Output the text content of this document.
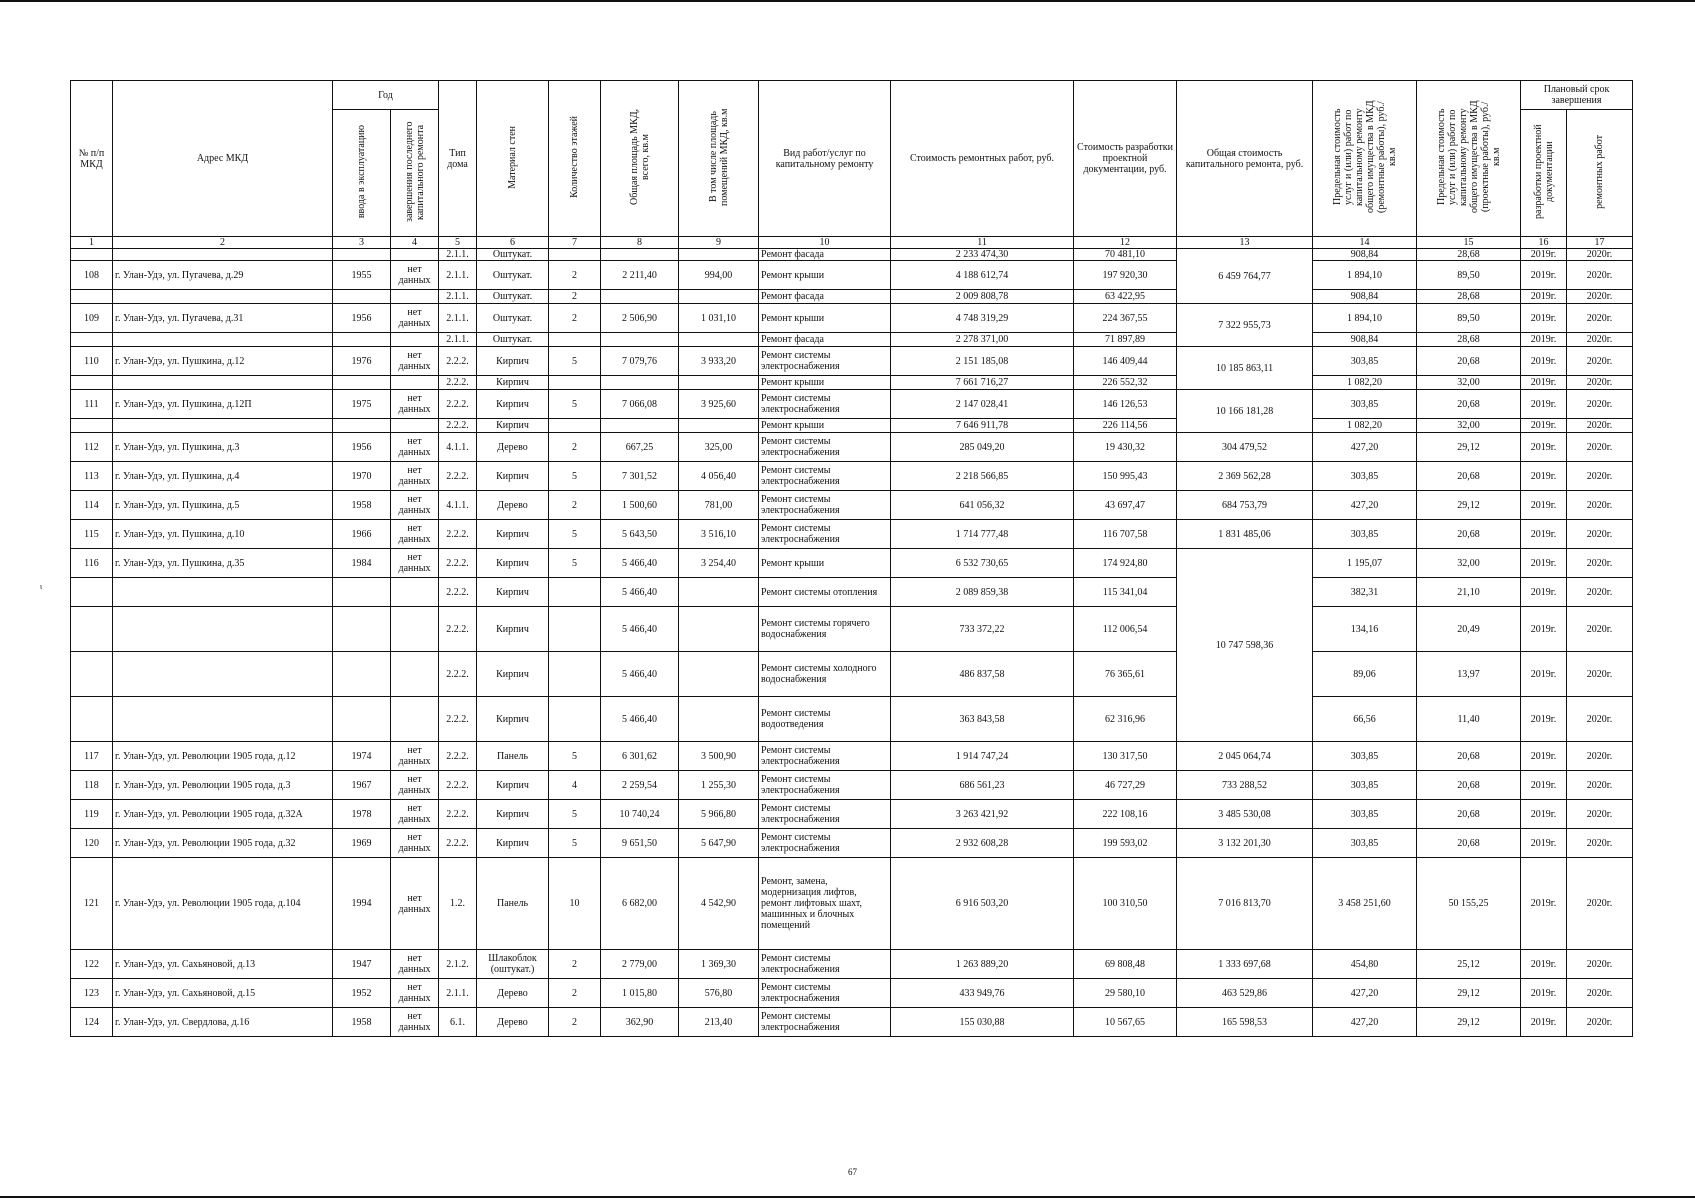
ι
№ п/п МКД	Адрес МКД	Год		Тип дома	Материал стен	Количество этажей	Общая площадь МКД, всего, кв.м	В том числе площадь помещений МКД, кв.м	Вид работ/услуг по капитальному ремонту	Стоимость ремонтных работ, руб.	Стоимость разработки проектной документации, руб.	Общая стоимость капитального ремонта, руб.	Предельная стоимость услуг и (или) работ по капитальному ремонту общего имущества в МКД (ремонтные работы), руб./кв.м	Предельная стоимость услуг и (или) работ по капитальному ремонту общего имущества в МКД (проектные работы), руб./кв.м	Плановый срок завершения	
		ввода в эксплуатацию	завершения последнего капитального ремонта												разработки проектной документации	ремонтных работ
1	2	3	4	5	6	7	8	9	10	11	12	13	14	15	16	17
				2.1.1.	Оштукат.				Ремонт фасада	2 233 474,30	70 481,10	6 459 764,77	908,84	28,68	2019г.	2020г.
108	г. Улан-Удэ, ул. Пугачева, д.29	1955	нет данных	2.1.1.	Оштукат.	2	2 211,40	994,00	Ремонт крыши	4 188 612,74	197 920,30		1 894,10	89,50	2019г.	2020г.
				2.1.1.	Оштукат.	2			Ремонт фасада	2 009 808,78	63 422,95		908,84	28,68	2019г.	2020г.
109	г. Улан-Удэ, ул. Пугачева, д.31	1956	нет данных	2.1.1.	Оштукат.	2	2 506,90	1 031,10	Ремонт крыши	4 748 319,29	224 367,55	7 322 955,73	1 894,10	89,50	2019г.	2020г.
				2.1.1.	Оштукат.				Ремонт фасада	2 278 371,00	71 897,89		908,84	28,68	2019г.	2020г.
110	г. Улан-Удэ, ул. Пушкина, д.12	1976	нет данных	2.2.2.	Кирпич	5	7 079,76	3 933,20	Ремонт системы электроснабжения	2 151 185,08	146 409,44	10 185 863,11	303,85	20,68	2019г.	2020г.
				2.2.2.	Кирпич				Ремонт крыши	7 661 716,27	226 552,32		1 082,20	32,00	2019г.	2020г.
111	г. Улан-Удэ, ул. Пушкина, д.12П	1975	нет данных	2.2.2.	Кирпич	5	7 066,08	3 925,60	Ремонт системы электроснабжения	2 147 028,41	146 126,53	10 166 181,28	303,85	20,68	2019г.	2020г.
				2.2.2.	Кирпич				Ремонт крыши	7 646 911,78	226 114,56		1 082,20	32,00	2019г.	2020г.
112	г. Улан-Удэ, ул. Пушкина, д.3	1956	нет данных	4.1.1.	Дерево	2	667,25	325,00	Ремонт системы электроснабжения	285 049,20	19 430,32	304 479,52	427,20	29,12	2019г.	2020г.
113	г. Улан-Удэ, ул. Пушкина, д.4	1970	нет данных	2.2.2.	Кирпич	5	7 301,52	4 056,40	Ремонт системы электроснабжения	2 218 566,85	150 995,43	2 369 562,28	303,85	20,68	2019г.	2020г.
114	г. Улан-Удэ, ул. Пушкина, д.5	1958	нет данных	4.1.1.	Дерево	2	1 500,60	781,00	Ремонт системы электроснабжения	641 056,32	43 697,47	684 753,79	427,20	29,12	2019г.	2020г.
115	г. Улан-Удэ, ул. Пушкина, д.10	1966	нет данных	2.2.2.	Кирпич	5	5 643,50	3 516,10	Ремонт системы электроснабжения	1 714 777,48	116 707,58	1 831 485,06	303,85	20,68	2019г.	2020г.
116	г. Улан-Удэ, ул. Пушкина, д.35	1984	нет данных	2.2.2.	Кирпич	5	5 466,40	3 254,40	Ремонт крыши	6 532 730,65	174 924,80	10 747 598,36	1 195,07	32,00	2019г.	2020г.
				2.2.2.	Кирпич		5 466,40		Ремонт системы отопления	2 089 859,38	115 341,04		382,31	21,10	2019г.	2020г.
				2.2.2.	Кирпич		5 466,40		Ремонт системы горячего водоснабжения	733 372,22	112 006,54		134,16	20,49	2019г.	2020г.
				2.2.2.	Кирпич		5 466,40		Ремонт системы холодного водоснабжения	486 837,58	76 365,61		89,06	13,97	2019г.	2020г.
				2.2.2.	Кирпич		5 466,40		Ремонт системы водоотведения	363 843,58	62 316,96		66,56	11,40	2019г.	2020г.
117	г. Улан-Удэ, ул. Революции 1905 года, д.12	1974	нет данных	2.2.2.	Панель	5	6 301,62	3 500,90	Ремонт системы электроснабжения	1 914 747,24	130 317,50	2 045 064,74	303,85	20,68	2019г.	2020г.
118	г. Улан-Удэ, ул. Революции 1905 года, д.3	1967	нет данных	2.2.2.	Кирпич	4	2 259,54	1 255,30	Ремонт системы электроснабжения	686 561,23	46 727,29	733 288,52	303,85	20,68	2019г.	2020г.
119	г. Улан-Удэ, ул. Революции 1905 года, д.32А	1978	нет данных	2.2.2.	Кирпич	5	10 740,24	5 966,80	Ремонт системы электроснабжения	3 263 421,92	222 108,16	3 485 530,08	303,85	20,68	2019г.	2020г.
120	г. Улан-Удэ, ул. Революции 1905 года, д.32	1969	нет данных	2.2.2.	Кирпич	5	9 651,50	5 647,90	Ремонт системы электроснабжения	2 932 608,28	199 593,02	3 132 201,30	303,85	20,68	2019г.	2020г.
121	г. Улан-Удэ, ул. Революции 1905 года, д.104	1994	нет данных	1.2.	Панель	10	6 682,00	4 542,90	Ремонт, замена, модернизация лифтов, ремонт лифтовых шахт, машинных и блочных помещений	6 916 503,20	100 310,50	7 016 813,70	3 458 251,60	50 155,25	2019г.	2020г.
122	г. Улан-Удэ, ул. Сахьяновой, д.13	1947	нет данных	2.1.2.	Шлакоблок (оштукат.)	2	2 779,00	1 369,30	Ремонт системы электроснабжения	1 263 889,20	69 808,48	1 333 697,68	454,80	25,12	2019г.	2020г.
123	г. Улан-Удэ, ул. Сахьяновой, д.15	1952	нет данных	2.1.1.	Дерево	2	1 015,80	576,80	Ремонт системы электроснабжения	433 949,76	29 580,10	463 529,86	427,20	29,12	2019г.	2020г.
124	г. Улан-Удэ, ул. Свердлова, д.16	1958	нет данных	6.1.	Дерево	2	362,90	213,40	Ремонт системы электроснабжения	155 030,88	10 567,65	165 598,53	427,20	29,12	2019г.	2020г.
67
